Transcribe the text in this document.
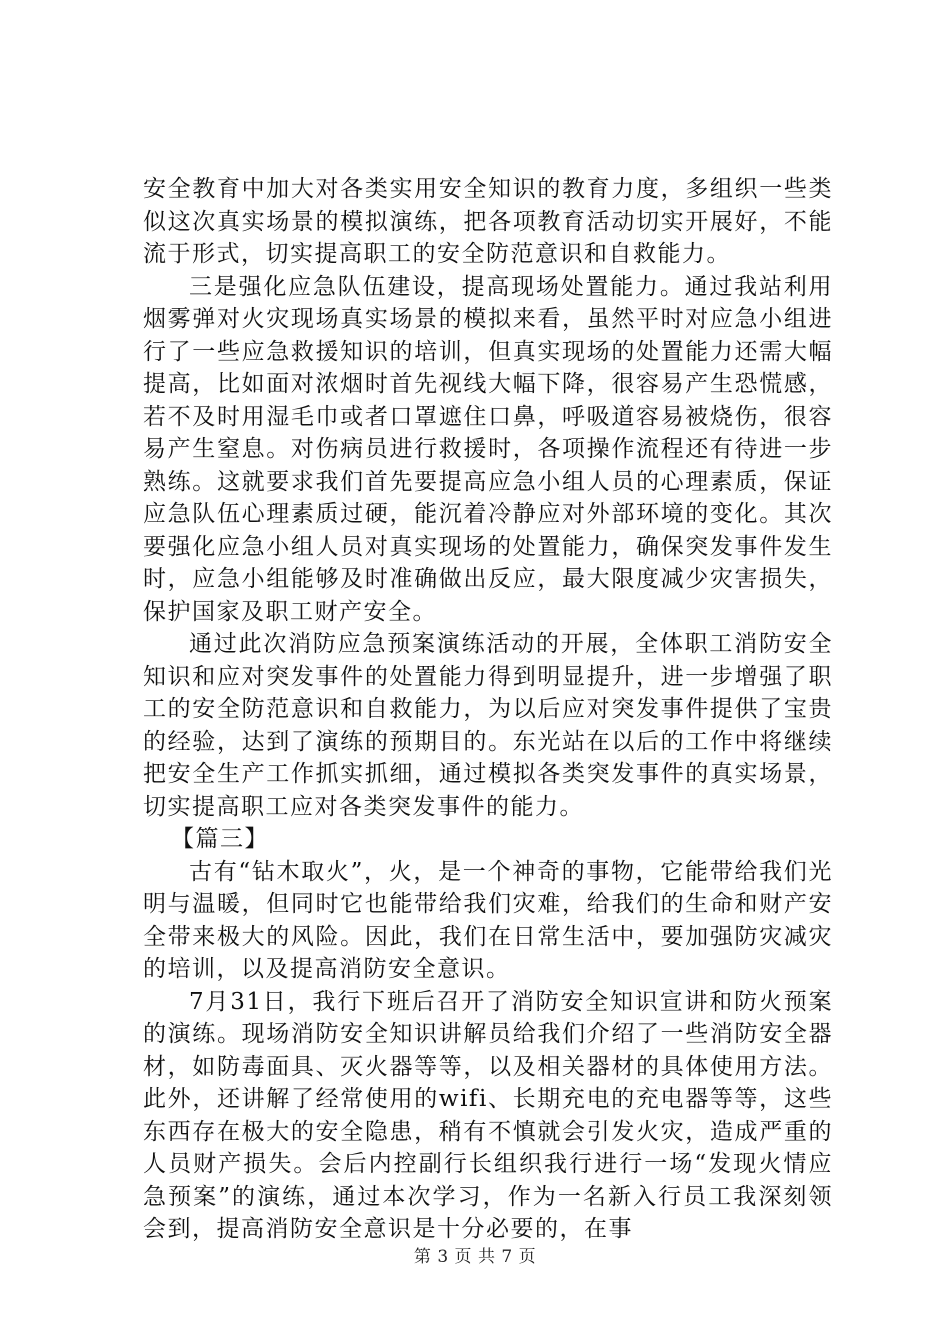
安全教育中加大对各类实用安全知识的教育力度，多组织一些类似这次真实场景的模拟演练，把各项教育活动切实开展好，不能流于形式，切实提高职工的安全防范意识和自救能力。

三是强化应急队伍建设，提高现场处置能力。通过我站利用烟雾弹对火灾现场真实场景的模拟来看，虽然平时对应急小组进行了一些应急救援知识的培训，但真实现场的处置能力还需大幅提高，比如面对浓烟时首先视线大幅下降，很容易产生恐慌感，若不及时用湿毛巾或者口罩遮住口鼻，呼吸道容易被烧伤，很容易产生窒息。对伤病员进行救援时，各项操作流程还有待进一步熟练。这就要求我们首先要提高应急小组人员的心理素质，保证应急队伍心理素质过硬，能沉着冷静应对外部环境的变化。其次要强化应急小组人员对真实现场的处置能力，确保突发事件发生时，应急小组能够及时准确做出反应，最大限度减少灾害损失，保护国家及职工财产安全。

通过此次消防应急预案演练活动的开展，全体职工消防安全知识和应对突发事件的处置能力得到明显提升，进一步增强了职工的安全防范意识和自救能力，为以后应对突发事件提供了宝贵的经验，达到了演练的预期目的。东光站在以后的工作中将继续把安全生产工作抓实抓细，通过模拟各类突发事件的真实场景，切实提高职工应对各类突发事件的能力。

【篇三】

古有“钻木取火”，火，是一个神奇的事物，它能带给我们光明与温暖，但同时它也能带给我们灾难，给我们的生命和财产安全带来极大的风险。因此，我们在日常生活中，要加强防灾减灾的培训，以及提高消防安全意识。

7月31日，我行下班后召开了消防安全知识宣讲和防火预案的演练。现场消防安全知识讲解员给我们介绍了一些消防安全器材，如防毒面具、灭火器等等，以及相关器材的具体使用方法。此外，还讲解了经常使用的wifi、长期充电的充电器等等，这些东西存在极大的安全隐患，稍有不慎就会引发火灾，造成严重的人员财产损失。会后内控副行长组织我行进行一场“发现火情应急预案”的演练，通过本次学习，作为一名新入行员工我深刻领会到，提高消防安全意识是十分必要的，在事

第 3 页 共 7 页
